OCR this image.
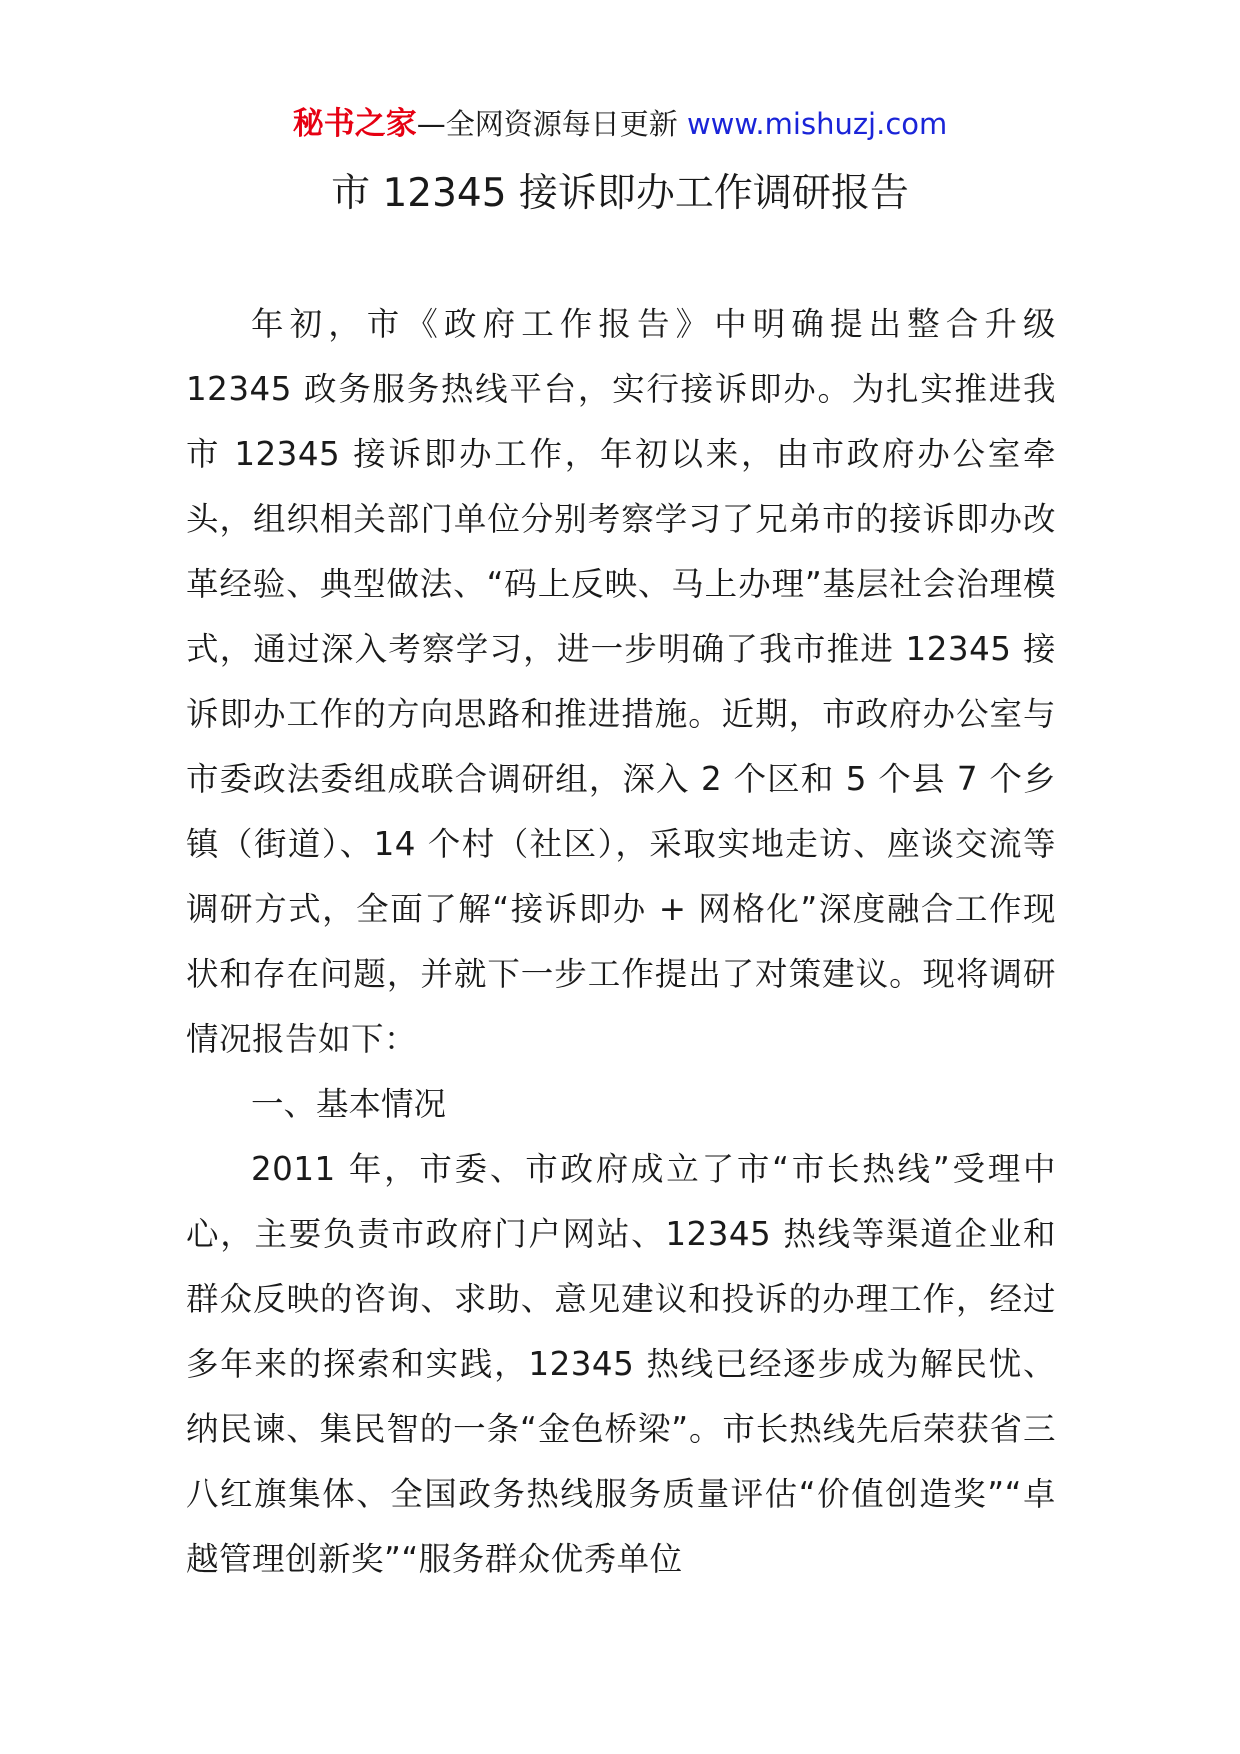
秘书之家—全网资源每日更新 www.mishuzj.com
市 12345 接诉即办工作调研报告

年初，市《政府工作报告》中明确提出整合升级 12345 政务服务热线平台，实行接诉即办。为扎实推进我市 12345 接诉即办工作，年初以来，由市政府办公室牵头，组织相关部门单位分别考察学习了兄弟市的接诉即办改革经验、典型做法、“码上反映、马上办理”基层社会治理模式，通过深入考察学习，进一步明确了我市推进 12345 接诉即办工作的方向思路和推进措施。近期，市政府办公室与市委政法委组成联合调研组，深入 2 个区和 5 个县 7 个乡镇（街道）、14 个村（社区），采取实地走访、座谈交流等调研方式，全面了解“接诉即办 + 网格化”深度融合工作现状和存在问题，并就下一步工作提出了对策建议。现将调研情况报告如下：

一、基本情况

2011 年，市委、市政府成立了市“市长热线”受理中心，主要负责市政府门户网站、12345 热线等渠道企业和群众反映的咨询、求助、意见建议和投诉的办理工作，经过多年来的探索和实践，12345 热线已经逐步成为解民忧、纳民谏、集民智的一条“金色桥梁”。市长热线先后荣获省三八红旗集体、全国政务热线服务质量评估“价值创造奖”“卓越管理创新奖”“服务群众优秀单位
